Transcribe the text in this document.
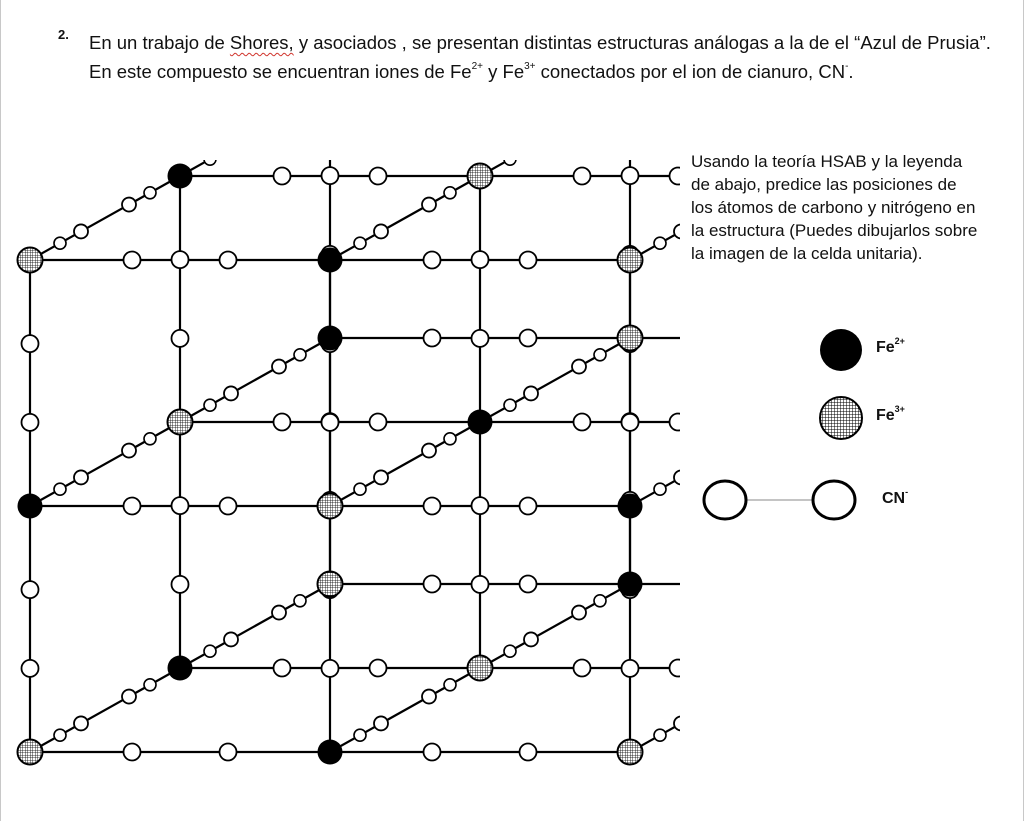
2. En un trabajo de Shores, y asociados , se presentan distintas estructuras análogas a la de el “Azul de Prusia”.

En este compuesto se encuentran iones de $Fe^{2+}$ y $Fe^{3+}$ conectados por el ion de cianuro, CN-.

Usando la teoría HSAB y la leyenda de abajo, predice las posiciones de los átomos de carbono y nitrógeno en la estructura (Puedes dibujarlos sobre la imagen de la celda unitaria).
$Fe^{2+}$
$Fe^{3+}$
CN-
